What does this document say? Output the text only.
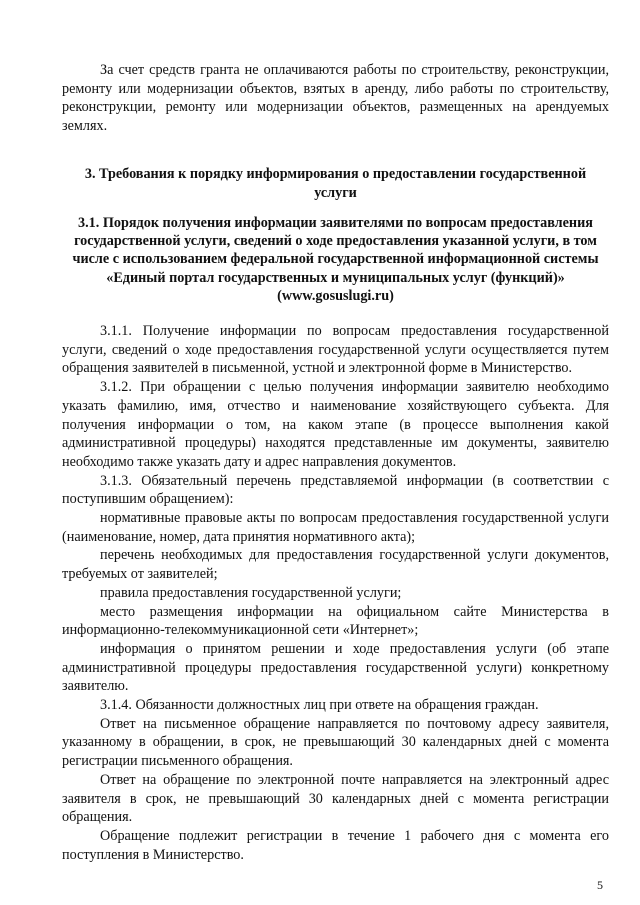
За счет средств гранта не оплачиваются работы по строительству, реконструкции, ремонту или модернизации объектов, взятых в аренду, либо работы по строительству, реконструкции, ремонту или модернизации объектов, размещенных на арендуемых землях.

3. Требования к порядку информирования о предоставлении государственной услуги
3.1. Порядок получения информации заявителями по вопросам предоставления государственной услуги, сведений о ходе предоставления указанной услуги, в том числе с использованием федеральной государственной информационной системы «Единый портал государственных и муниципальных услуг (функций)» (www.gosuslugi.ru)

3.1.1. Получение информации по вопросам предоставления государственной услуги, сведений о ходе предоставления государственной услуги осуществляется путем обращения заявителей в письменной, устной и электронной форме в Министерство.

3.1.2. При обращении с целью получения информации заявителю необходимо указать фамилию, имя, отчество и наименование хозяйствующего субъекта. Для получения информации о том, на каком этапе (в процессе выполнения какой административной процедуры) находятся представленные им документы, заявителю необходимо также указать дату и адрес направления документов.

3.1.3. Обязательный перечень представляемой информации (в соответствии с поступившим обращением):

нормативные правовые акты по вопросам предоставления государственной услуги (наименование, номер, дата принятия нормативного акта);

перечень необходимых для предоставления государственной услуги документов, требуемых от заявителей;

правила предоставления государственной услуги;

место размещения информации на официальном сайте Министерства в информационно-телекоммуникационной сети «Интернет»;

информация о принятом решении и ходе предоставления услуги (об этапе административной процедуры предоставления государственной услуги) конкретному заявителю.

3.1.4. Обязанности должностных лиц при ответе на обращения граждан.

Ответ на письменное обращение направляется по почтовому адресу заявителя, указанному в обращении, в срок, не превышающий 30 календарных дней с момента регистрации письменного обращения.

Ответ на обращение по электронной почте направляется на электронный адрес заявителя в срок, не превышающий 30 календарных дней с момента регистрации обращения.

Обращение подлежит регистрации в течение 1 рабочего дня с момента его поступления в Министерство.

5
